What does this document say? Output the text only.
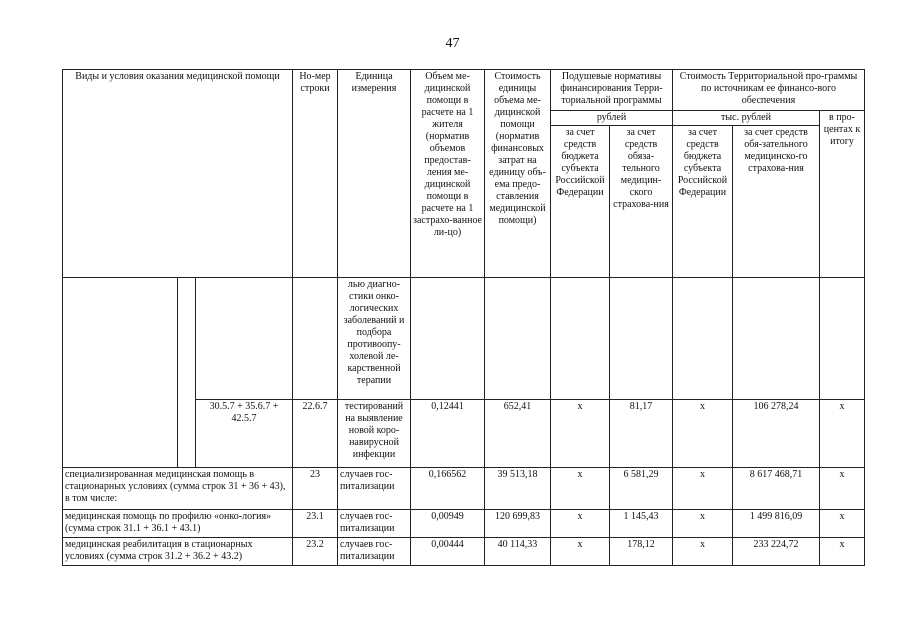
47
Виды и условия оказания медицинской помощи			Но-мер строки	Единица измерения	Объем ме-дицинской помощи в расчете на 1 жителя (норматив объемов предостав-ления ме-дицинской помощи в расчете на 1 застрахо-ванное ли-цо)	Стоимость единицы объема ме-дицинской помощи (норматив финансовых затрат на единицу объ-ема предо-ставления медицинской помощи)	Подушевые нормативы финансирования Терри-ториальной программы		Стоимость Территориальной про-граммы по источникам ее финансо-вого обеспечения		
							рублей		тыс. рублей		в про-центах к итогу
							за счет средств бюджета субъекта Российской Федерации	за счет средств обяза-тельного медицин-ского страхова-ния	за счет средств бюджета субъекта Российской Федерации	за счет средств обя-зательного медицинско-го страхова-ния	
				лью диагно-стики онко-логических заболеваний и подбора противоопу-холевой ле-карственной терапии							
		30.5.7 + 35.6.7 + 42.5.7	22.6.7	тестирований на выявление новой коро-навирусной инфекции	0,12441	652,41	х	81,17	х	106 278,24	х
специализированная медицинская помощь в стационарных условиях (сумма строк 31 + 36 + 43), в том числе:			23	случаев гос-питализации	0,166562	39 513,18	х	6 581,29	х	8 617 468,71	х
медицинская помощь по профилю «онко-логия» (сумма строк 31.1 + 36.1 + 43.1)			23.1	случаев гос-питализации	0,00949	120 699,83	х	1 145,43	х	1 499 816,09	х
медицинская реабилитация в стационарных условиях (сумма строк 31.2 + 36.2 + 43.2)			23.2	случаев гос-питализации	0,00444	40 114,33	х	178,12	х	233 224,72	х
